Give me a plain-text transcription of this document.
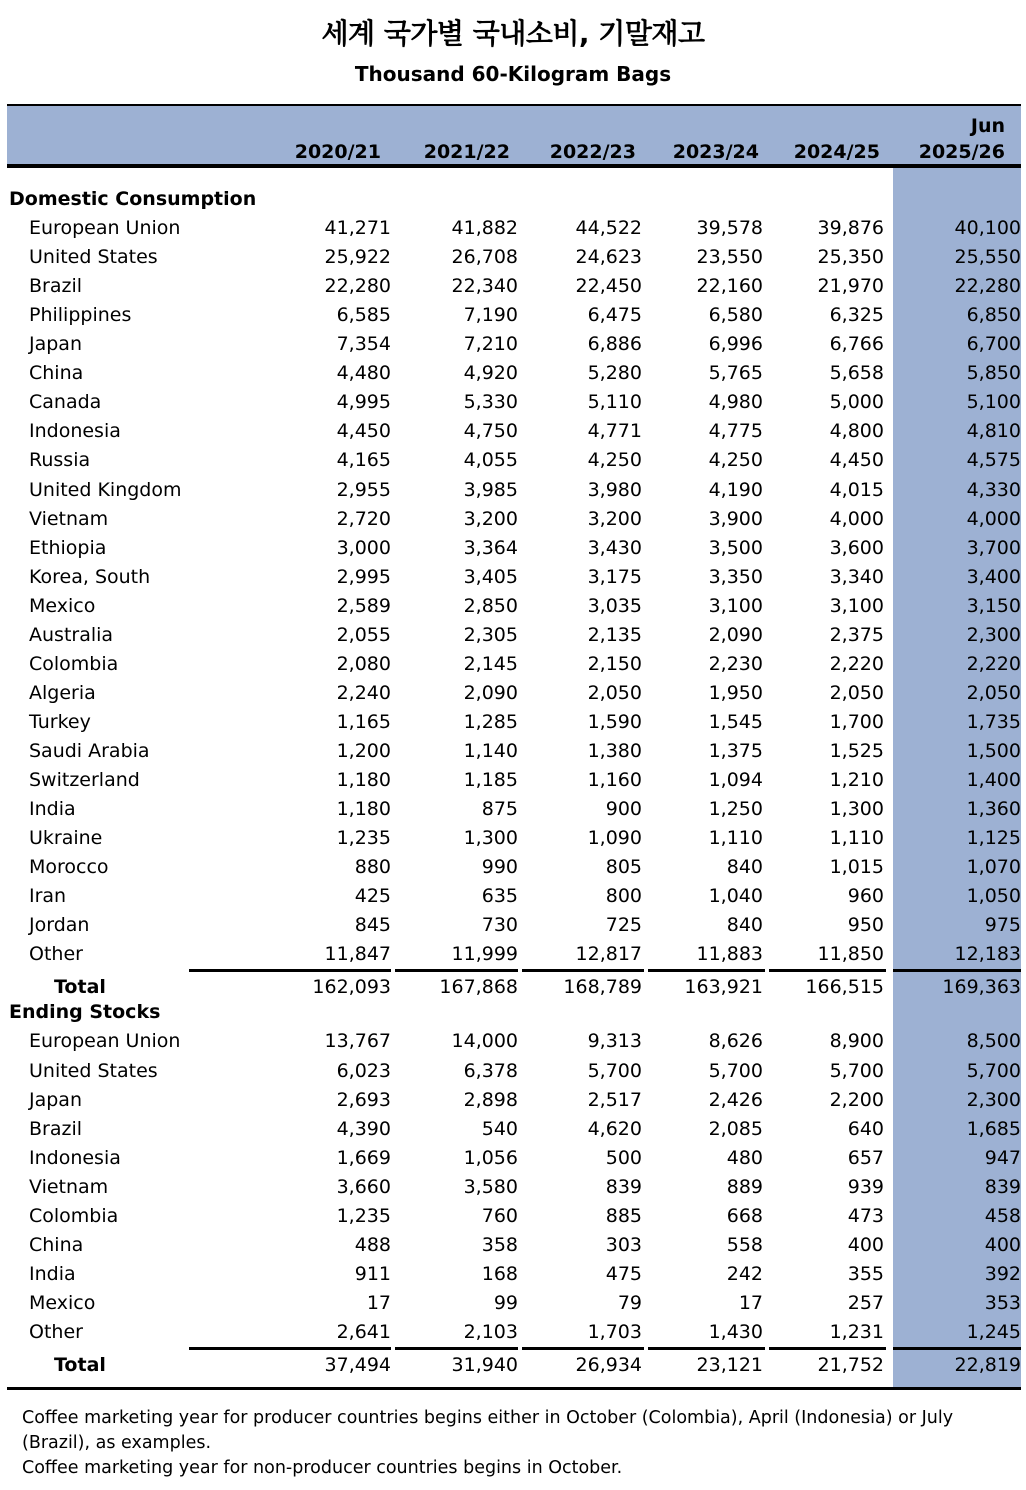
세계 국가별 국내소비, 기말재고
Thousand 60-Kilogram Bags
Jun
2020/21	2021/22	2022/23	2023/24	2024/25	2025/26
Domestic Consumption
European Union	41,271	41,882	44,522	39,578	39,876	40,100
United States	25,922	26,708	24,623	23,550	25,350	25,550
Brazil	22,280	22,340	22,450	22,160	21,970	22,280
Philippines	6,585	7,190	6,475	6,580	6,325	6,850
Japan	7,354	7,210	6,886	6,996	6,766	6,700
China	4,480	4,920	5,280	5,765	5,658	5,850
Canada	4,995	5,330	5,110	4,980	5,000	5,100
Indonesia	4,450	4,750	4,771	4,775	4,800	4,810
Russia	4,165	4,055	4,250	4,250	4,450	4,575
United Kingdom	2,955	3,985	3,980	4,190	4,015	4,330
Vietnam	2,720	3,200	3,200	3,900	4,000	4,000
Ethiopia	3,000	3,364	3,430	3,500	3,600	3,700
Korea, South	2,995	3,405	3,175	3,350	3,340	3,400
Mexico	2,589	2,850	3,035	3,100	3,100	3,150
Australia	2,055	2,305	2,135	2,090	2,375	2,300
Colombia	2,080	2,145	2,150	2,230	2,220	2,220
Algeria	2,240	2,090	2,050	1,950	2,050	2,050
Turkey	1,165	1,285	1,590	1,545	1,700	1,735
Saudi Arabia	1,200	1,140	1,380	1,375	1,525	1,500
Switzerland	1,180	1,185	1,160	1,094	1,210	1,400
India	1,180	875	900	1,250	1,300	1,360
Ukraine	1,235	1,300	1,090	1,110	1,110	1,125
Morocco	880	990	805	840	1,015	1,070
Iran	425	635	800	1,040	960	1,050
Jordan	845	730	725	840	950	975
Other	11,847	11,999	12,817	11,883	11,850	12,183
Total	162,093	167,868	168,789	163,921	166,515	169,363
Ending Stocks
European Union	13,767	14,000	9,313	8,626	8,900	8,500
United States	6,023	6,378	5,700	5,700	5,700	5,700
Japan	2,693	2,898	2,517	2,426	2,200	2,300
Brazil	4,390	540	4,620	2,085	640	1,685
Indonesia	1,669	1,056	500	480	657	947
Vietnam	3,660	3,580	839	889	939	839
Colombia	1,235	760	885	668	473	458
China	488	358	303	558	400	400
India	911	168	475	242	355	392
Mexico	17	99	79	17	257	353
Other	2,641	2,103	1,703	1,430	1,231	1,245
Total	37,494	31,940	26,934	23,121	21,752	22,819
Coffee marketing year for producer countries begins either in October (Colombia), April (Indonesia) or July (Brazil), as examples.
Coffee marketing year for non-producer countries begins in October.
